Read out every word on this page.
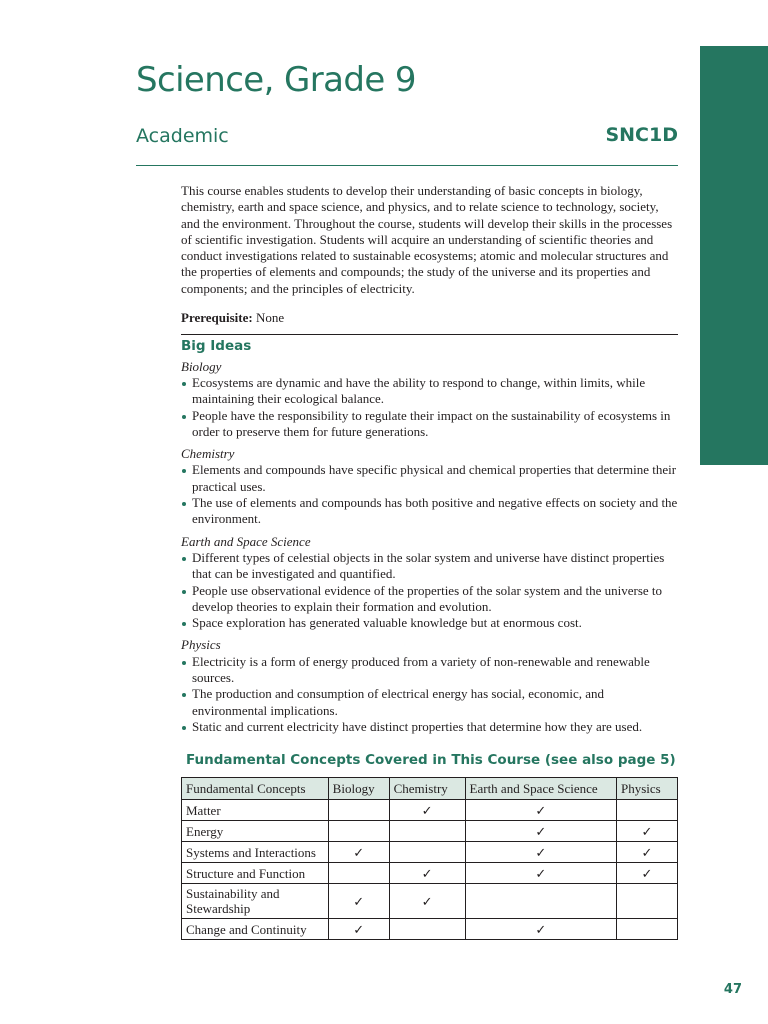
Science, Grade 9
Academic	SNC1D

This course enables students to develop their understanding of basic concepts in biology, chemistry, earth and space science, and physics, and to relate science to technology, society, and the environment. Throughout the course, students will develop their skills in the processes of scientific investigation. Students will acquire an understanding of scientific theories and conduct investigations related to sustainable ecosystems; atomic and molecular structures and the properties of elements and compounds; the study of the universe and its properties and components; and the principles of electricity.

Prerequisite: None

Big Ideas
Biology
Ecosystems are dynamic and have the ability to respond to change, within limits, while maintaining their ecological balance.
People have the responsibility to regulate their impact on the sustainability of ecosystems in order to preserve them for future generations.
Chemistry
Elements and compounds have specific physical and chemical properties that determine their practical uses.
The use of elements and compounds has both positive and negative effects on society and the environment.
Earth and Space Science
Different types of celestial objects in the solar system and universe have distinct properties that can be investigated and quantified.
People use observational evidence of the properties of the solar system and the universe to develop theories to explain their formation and evolution.
Space exploration has generated valuable knowledge but at enormous cost.
Physics
Electricity is a form of energy produced from a variety of non-renewable and renewable sources.
The production and consumption of electrical energy has social, economic, and environmental implications.
Static and current electricity have distinct properties that determine how they are used.
Fundamental Concepts Covered in This Course (see also page 5)
Fundamental Concepts	Biology	Chemistry	Earth and Space Science	Physics
Matter		✓	✓	
Energy			✓	✓
Systems and Interactions	✓		✓	✓
Structure and Function		✓	✓	✓
Sustainability and Stewardship	✓	✓		
Change and Continuity	✓		✓	
47
